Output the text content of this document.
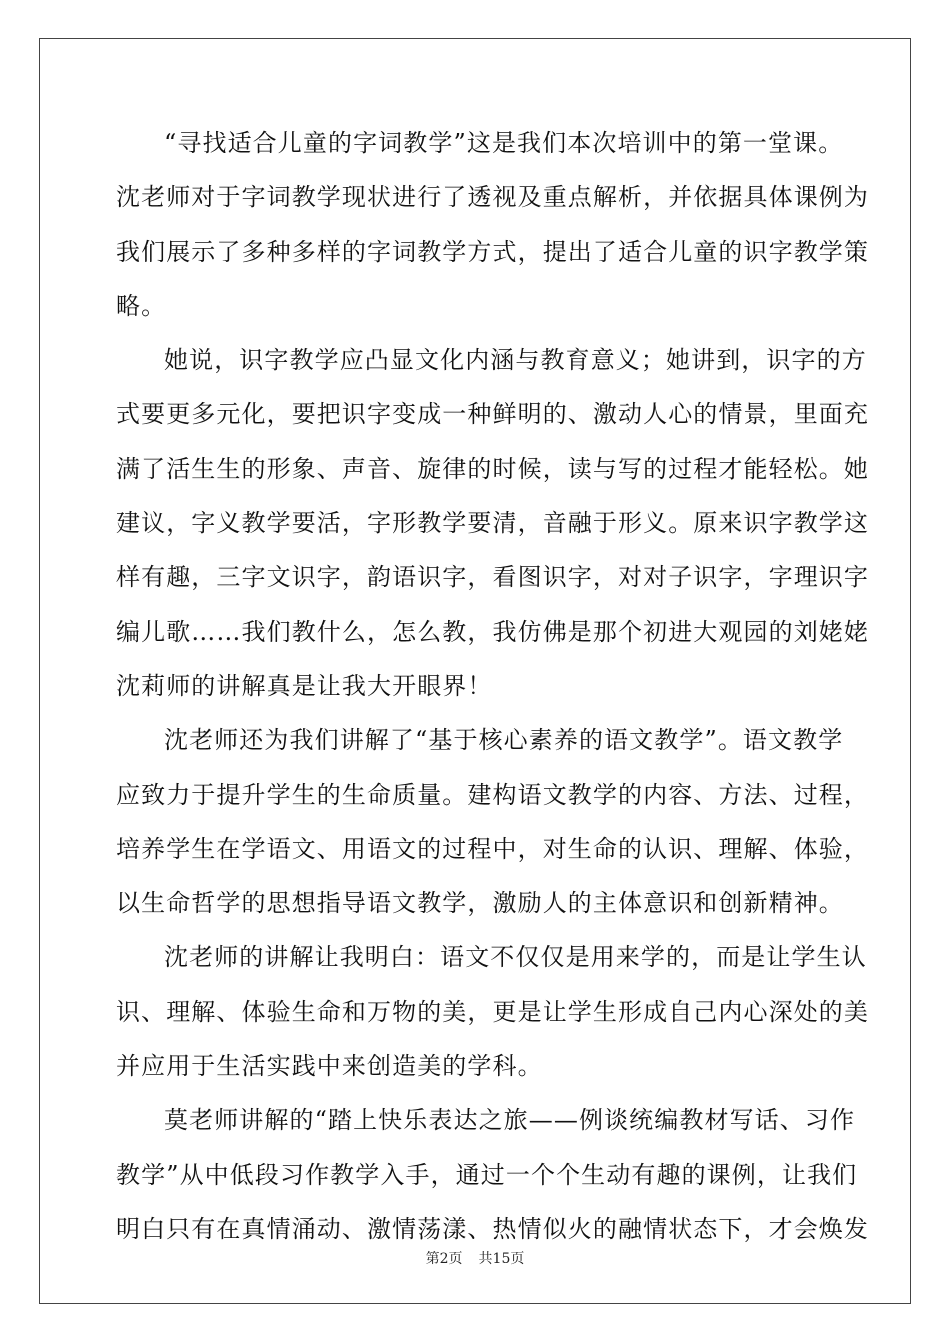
“寻找适合儿童的字词教学”这是我们本次培训中的第一堂课。
沈老师对于字词教学现状进行了透视及重点解析，并依据具体课例为
我们展示了多种多样的字词教学方式，提出了适合儿童的识字教学策
略。
她说，识字教学应凸显文化内涵与教育意义；她讲到，识字的方
式要更多元化，要把识字变成一种鲜明的、激动人心的情景，里面充
满了活生生的形象、声音、旋律的时候，读与写的过程才能轻松。她
建议，字义教学要活，字形教学要清，音融于形义。原来识字教学这
样有趣，三字文识字，韵语识字，看图识字，对对子识字，字理识字
编儿歌……我们教什么，怎么教，我仿佛是那个初进大观园的刘姥姥
沈莉师的讲解真是让我大开眼界！
沈老师还为我们讲解了“基于核心素养的语文教学”。语文教学
应致力于提升学生的生命质量。建构语文教学的内容、方法、过程，
培养学生在学语文、用语文的过程中，对生命的认识、理解、体验，
以生命哲学的思想指导语文教学，激励人的主体意识和创新精神。
沈老师的讲解让我明白：语文不仅仅是用来学的，而是让学生认
识、理解、体验生命和万物的美，更是让学生形成自己内心深处的美
并应用于生活实践中来创造美的学科。
莫老师讲解的“踏上快乐表达之旅——例谈统编教材写话、习作
教学”从中低段习作教学入手，通过一个个生动有趣的课例，让我们
明白只有在真情涌动、激情荡漾、热情似火的融情状态下，才会焕发
第2页 共15页
